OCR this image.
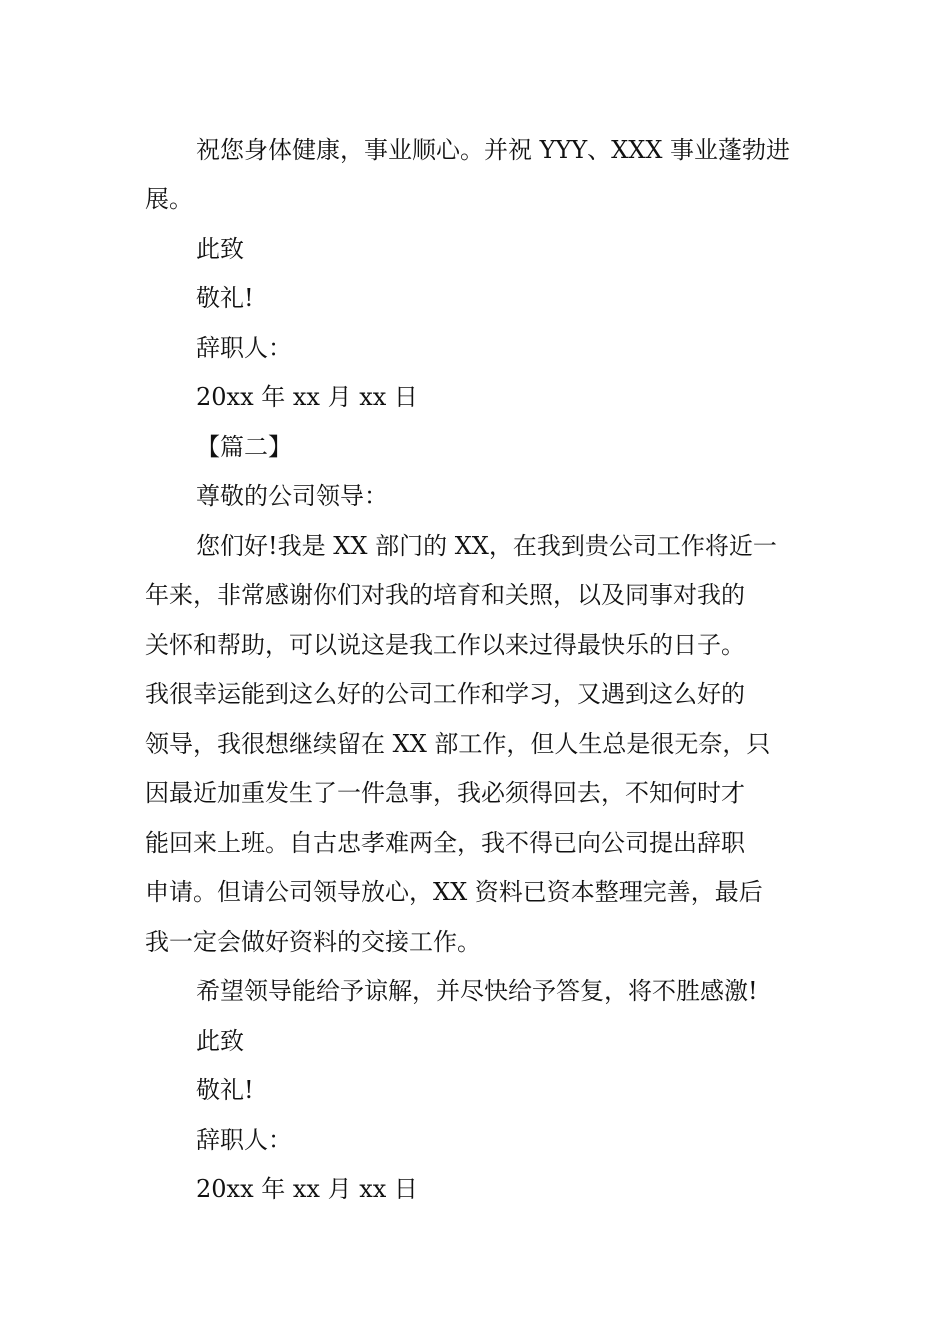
祝您身体健康，事业顺心。并祝 YYY、XXX 事业蓬勃进
展。
此致
敬礼!
辞职人：
20xx 年 xx 月 xx 日
【篇二】
尊敬的公司领导：
您们好!我是 XX 部门的 XX，在我到贵公司工作将近一
年来，非常感谢你们对我的培育和关照，以及同事对我的
关怀和帮助，可以说这是我工作以来过得最快乐的日子。
我很幸运能到这么好的公司工作和学习，又遇到这么好的
领导，我很想继续留在 XX 部工作，但人生总是很无奈，只
因最近加重发生了一件急事，我必须得回去，不知何时才
能回来上班。自古忠孝难两全，我不得已向公司提出辞职
申请。但请公司领导放心，XX 资料已资本整理完善，最后
我一定会做好资料的交接工作。
希望领导能给予谅解，并尽快给予答复，将不胜感激!
此致
敬礼!
辞职人：
20xx 年 xx 月 xx 日
